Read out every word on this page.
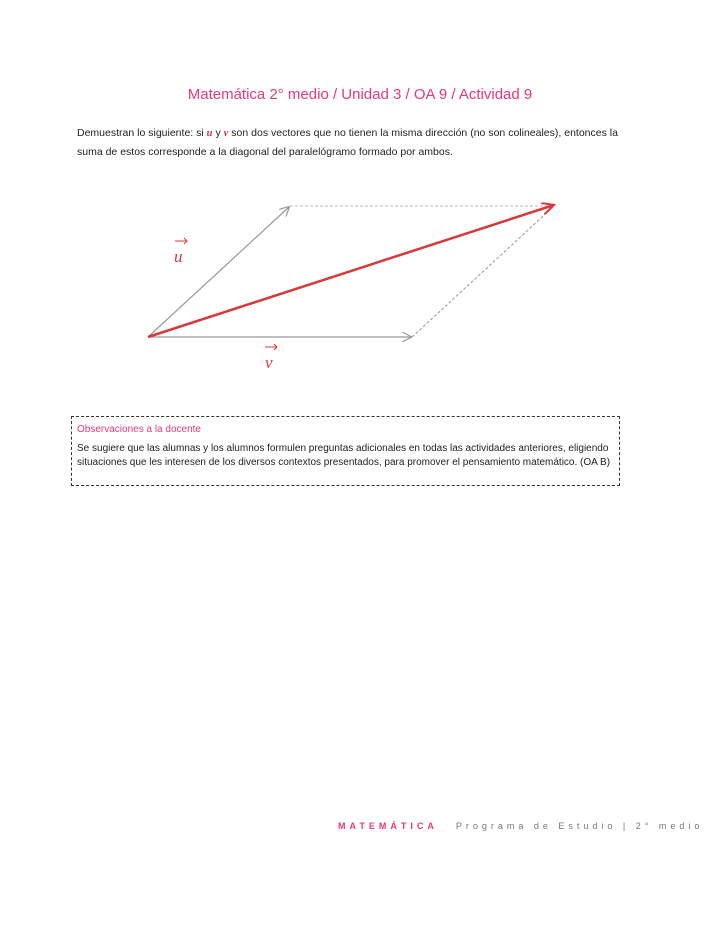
Matemática 2° medio / Unidad 3 / OA 9 / Actividad 9
Demuestran lo siguiente: si u y v son dos vectores que no tienen la misma dirección (no son colineales), entonces la suma de estos corresponde a la diagonal del paralelógramo formado por ambos.
u
v
Observaciones a la docente
Se sugiere que las alumnas y los alumnos formulen preguntas adicionales en todas las actividades anteriores, eligiendo situaciones que les interesen de los diversos contextos presentados, para promover el pensamiento matemático. (OA B)
MATEMÁTICA Programa de Estudio | 2° medio
